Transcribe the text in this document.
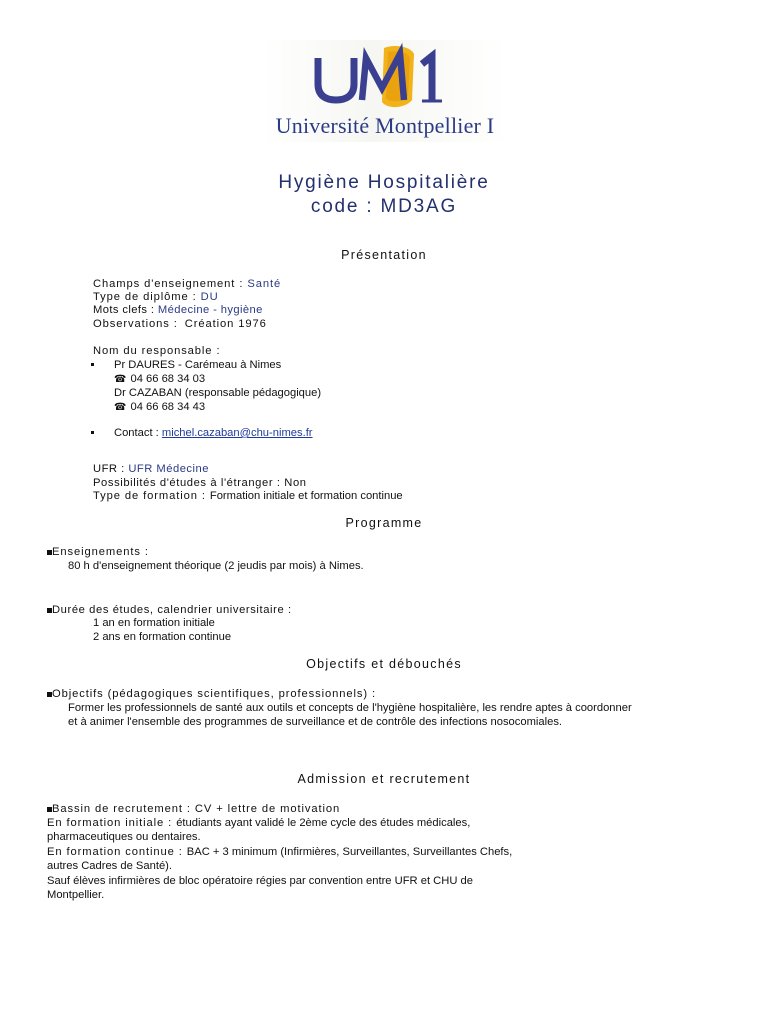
Université Montpellier I
Hygiène Hospitalière
code : MD3AG
Présentation
Champs d'enseignement : Santé
Type de diplôme : DU
Mots clefs : Médecine - hygiène
Observations : Création 1976
Nom du responsable :
Pr DAURES - Carémeau à Nimes
☎ 04 66 68 34 03
Dr CAZABAN (responsable pédagogique)
☎ 04 66 68 34 43
Contact : michel.cazaban@chu-nimes.fr
UFR : UFR Médecine
Possibilités d'études à l'étranger : Non
Type de formation : Formation initiale et formation continue
Programme
Enseignements :
80 h d'enseignement théorique (2 jeudis par mois) à Nimes.
Durée des études, calendrier universitaire :
1 an en formation initiale
2 ans en formation continue
Objectifs et débouchés
Objectifs (pédagogiques scientifiques, professionnels) :
Former les professionnels de santé aux outils et concepts de l'hygiène hospitalière, les rendre aptes à coordonner
et à animer l'ensemble des programmes de surveillance et de contrôle des infections nosocomiales.
Admission et recrutement
Bassin de recrutement : CV + lettre de motivation
En formation initiale : étudiants ayant validé le 2ème cycle des études médicales,
pharmaceutiques ou dentaires.
En formation continue : BAC + 3 minimum (Infirmières, Surveillantes, Surveillantes Chefs,
autres Cadres de Santé).
Sauf élèves infirmières de bloc opératoire régies par convention entre UFR et CHU de
Montpellier.
